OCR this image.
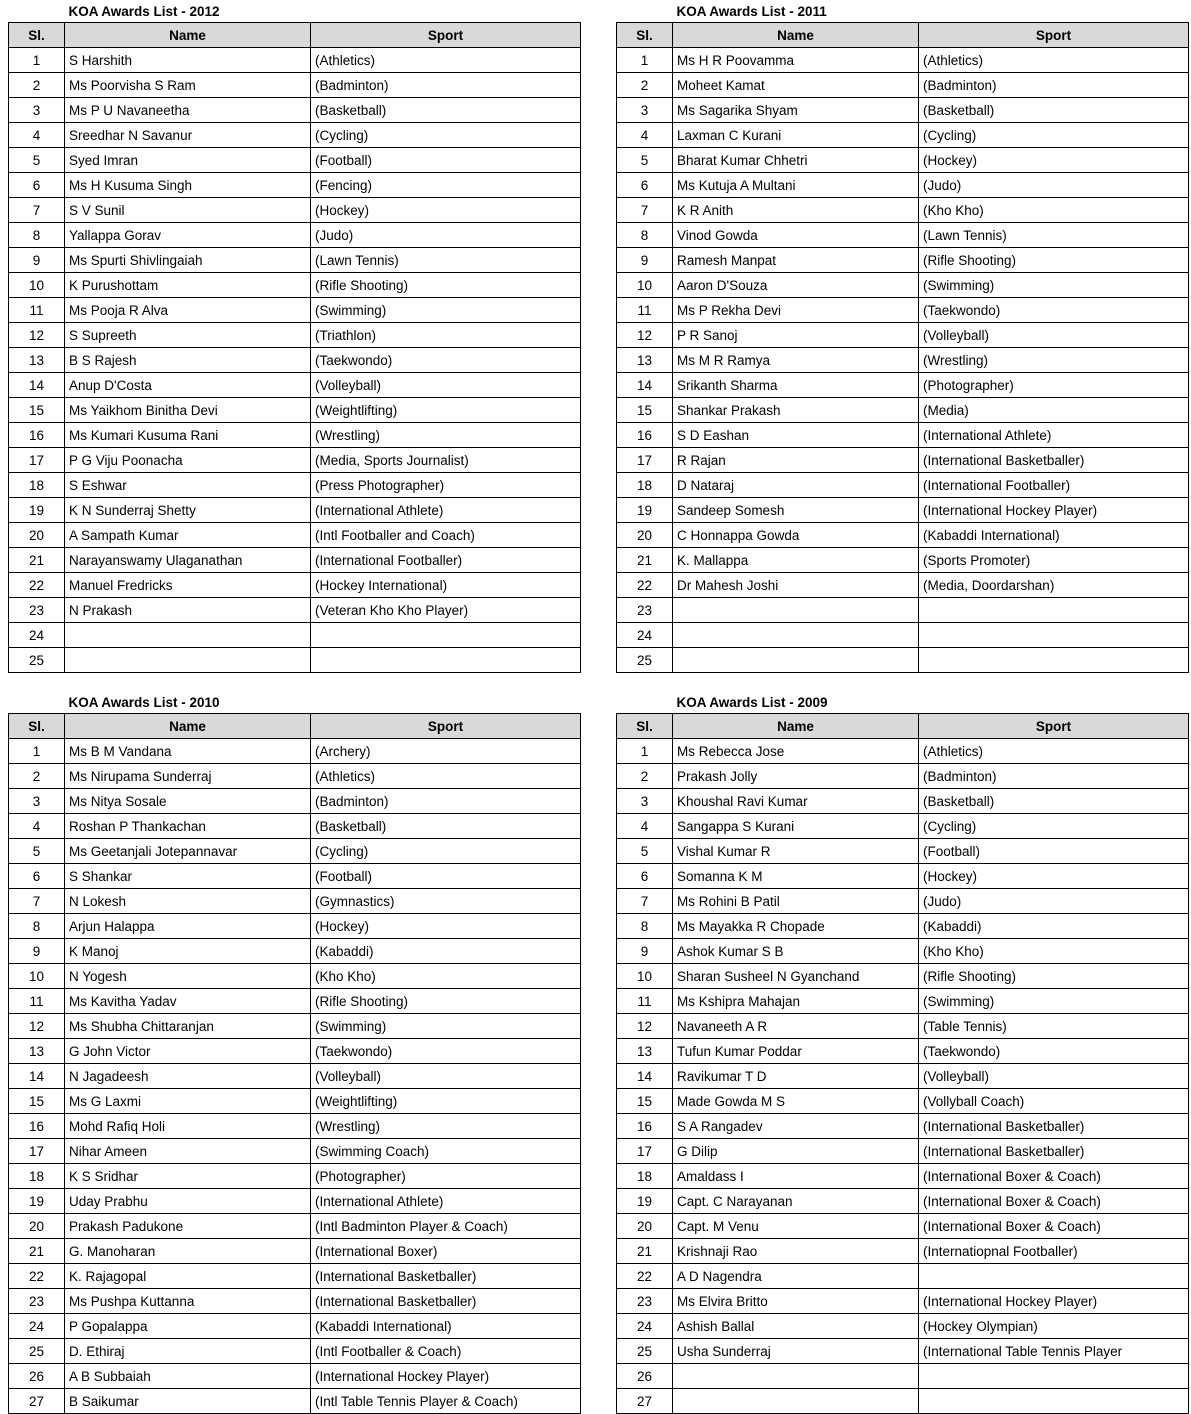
	KOA Awards List - 2012	
Sl.	Name	Sport
1	S Harshith	(Athletics)
2	Ms Poorvisha S Ram	(Badminton)
3	Ms P U Navaneetha	(Basketball)
4	Sreedhar N Savanur	(Cycling)
5	Syed Imran	(Football)
6	Ms H Kusuma Singh	(Fencing)
7	S V Sunil	(Hockey)
8	Yallappa Gorav	(Judo)
9	Ms Spurti Shivlingaiah	(Lawn Tennis)
10	K Purushottam	(Rifle Shooting)
11	Ms Pooja R Alva	(Swimming)
12	S Supreeth	(Triathlon)
13	B S Rajesh	(Taekwondo)
14	Anup D'Costa	(Volleyball)
15	Ms Yaikhom Binitha Devi	(Weightlifting)
16	Ms Kumari Kusuma Rani	(Wrestling)
17	P G Viju Poonacha	(Media, Sports Journalist)
18	S Eshwar	(Press Photographer)
19	K N Sunderraj Shetty	(International Athlete)
20	A Sampath Kumar	(Intl Footballer and Coach)
21	Narayanswamy Ulaganathan	(International Footballer)
22	Manuel Fredricks	(Hockey International)
23	N Prakash	(Veteran Kho Kho Player)
24		
25		
	KOA Awards List - 2011	
Sl.	Name	Sport
1	Ms H R Poovamma	(Athletics)
2	Moheet Kamat	(Badminton)
3	Ms Sagarika Shyam	(Basketball)
4	Laxman C Kurani	(Cycling)
5	Bharat Kumar Chhetri	(Hockey)
6	Ms Kutuja A Multani	(Judo)
7	K R Anith	(Kho Kho)
8	Vinod Gowda	(Lawn Tennis)
9	Ramesh Manpat	(Rifle Shooting)
10	Aaron D'Souza	(Swimming)
11	Ms P Rekha Devi	(Taekwondo)
12	P R Sanoj	(Volleyball)
13	Ms M R Ramya	(Wrestling)
14	Srikanth Sharma	(Photographer)
15	Shankar Prakash	(Media)
16	S D Eashan	(International Athlete)
17	R Rajan	(International Basketballer)
18	D Nataraj	(International Footballer)
19	Sandeep Somesh	(International Hockey Player)
20	C Honnappa Gowda	(Kabaddi International)
21	K. Mallappa	(Sports Promoter)
22	Dr Mahesh Joshi	(Media, Doordarshan)
23		
24		
25		
	KOA Awards List - 2010	
Sl.	Name	Sport
1	Ms B M Vandana	(Archery)
2	Ms Nirupama Sunderraj	(Athletics)
3	Ms Nitya Sosale	(Badminton)
4	Roshan P Thankachan	(Basketball)
5	Ms Geetanjali Jotepannavar	(Cycling)
6	S Shankar	(Football)
7	N Lokesh	(Gymnastics)
8	Arjun Halappa	(Hockey)
9	K Manoj	(Kabaddi)
10	N Yogesh	(Kho Kho)
11	Ms Kavitha Yadav	(Rifle Shooting)
12	Ms Shubha Chittaranjan	(Swimming)
13	G John Victor	(Taekwondo)
14	N Jagadeesh	(Volleyball)
15	Ms G Laxmi	(Weightlifting)
16	Mohd Rafiq Holi	(Wrestling)
17	Nihar Ameen	(Swimming Coach)
18	K S Sridhar	(Photographer)
19	Uday Prabhu	(International Athlete)
20	Prakash Padukone	(Intl Badminton Player & Coach)
21	G. Manoharan	(International Boxer)
22	K. Rajagopal	(International Basketballer)
23	Ms Pushpa Kuttanna	(International Basketballer)
24	P Gopalappa	(Kabaddi International)
25	D. Ethiraj	(Intl Footballer & Coach)
26	A B Subbaiah	(International Hockey Player)
27	B Saikumar	(Intl Table Tennis Player & Coach)
	KOA Awards List - 2009	
Sl.	Name	Sport
1	Ms Rebecca Jose	(Athletics)
2	Prakash Jolly	(Badminton)
3	Khoushal Ravi Kumar	(Basketball)
4	Sangappa S Kurani	(Cycling)
5	Vishal Kumar R	(Football)
6	Somanna K M	(Hockey)
7	Ms Rohini B Patil	(Judo)
8	Ms Mayakka R Chopade	(Kabaddi)
9	Ashok Kumar S B	(Kho Kho)
10	Sharan Susheel N Gyanchand	(Rifle Shooting)
11	Ms Kshipra Mahajan	(Swimming)
12	Navaneeth A R	(Table Tennis)
13	Tufun Kumar Poddar	(Taekwondo)
14	Ravikumar T D	(Volleyball)
15	Made Gowda M S	(Vollyball Coach)
16	S A Rangadev	(International Basketballer)
17	G Dilip	(International Basketballer)
18	Amaldass I	(International Boxer & Coach)
19	Capt. C Narayanan	(International Boxer & Coach)
20	Capt. M Venu	(International Boxer & Coach)
21	Krishnaji Rao	(Internatiopnal Footballer)
22	A D Nagendra	
23	Ms Elvira Britto	(International Hockey Player)
24	Ashish Ballal	(Hockey Olympian)
25	Usha Sunderraj	(International Table Tennis Player
26		
27		
